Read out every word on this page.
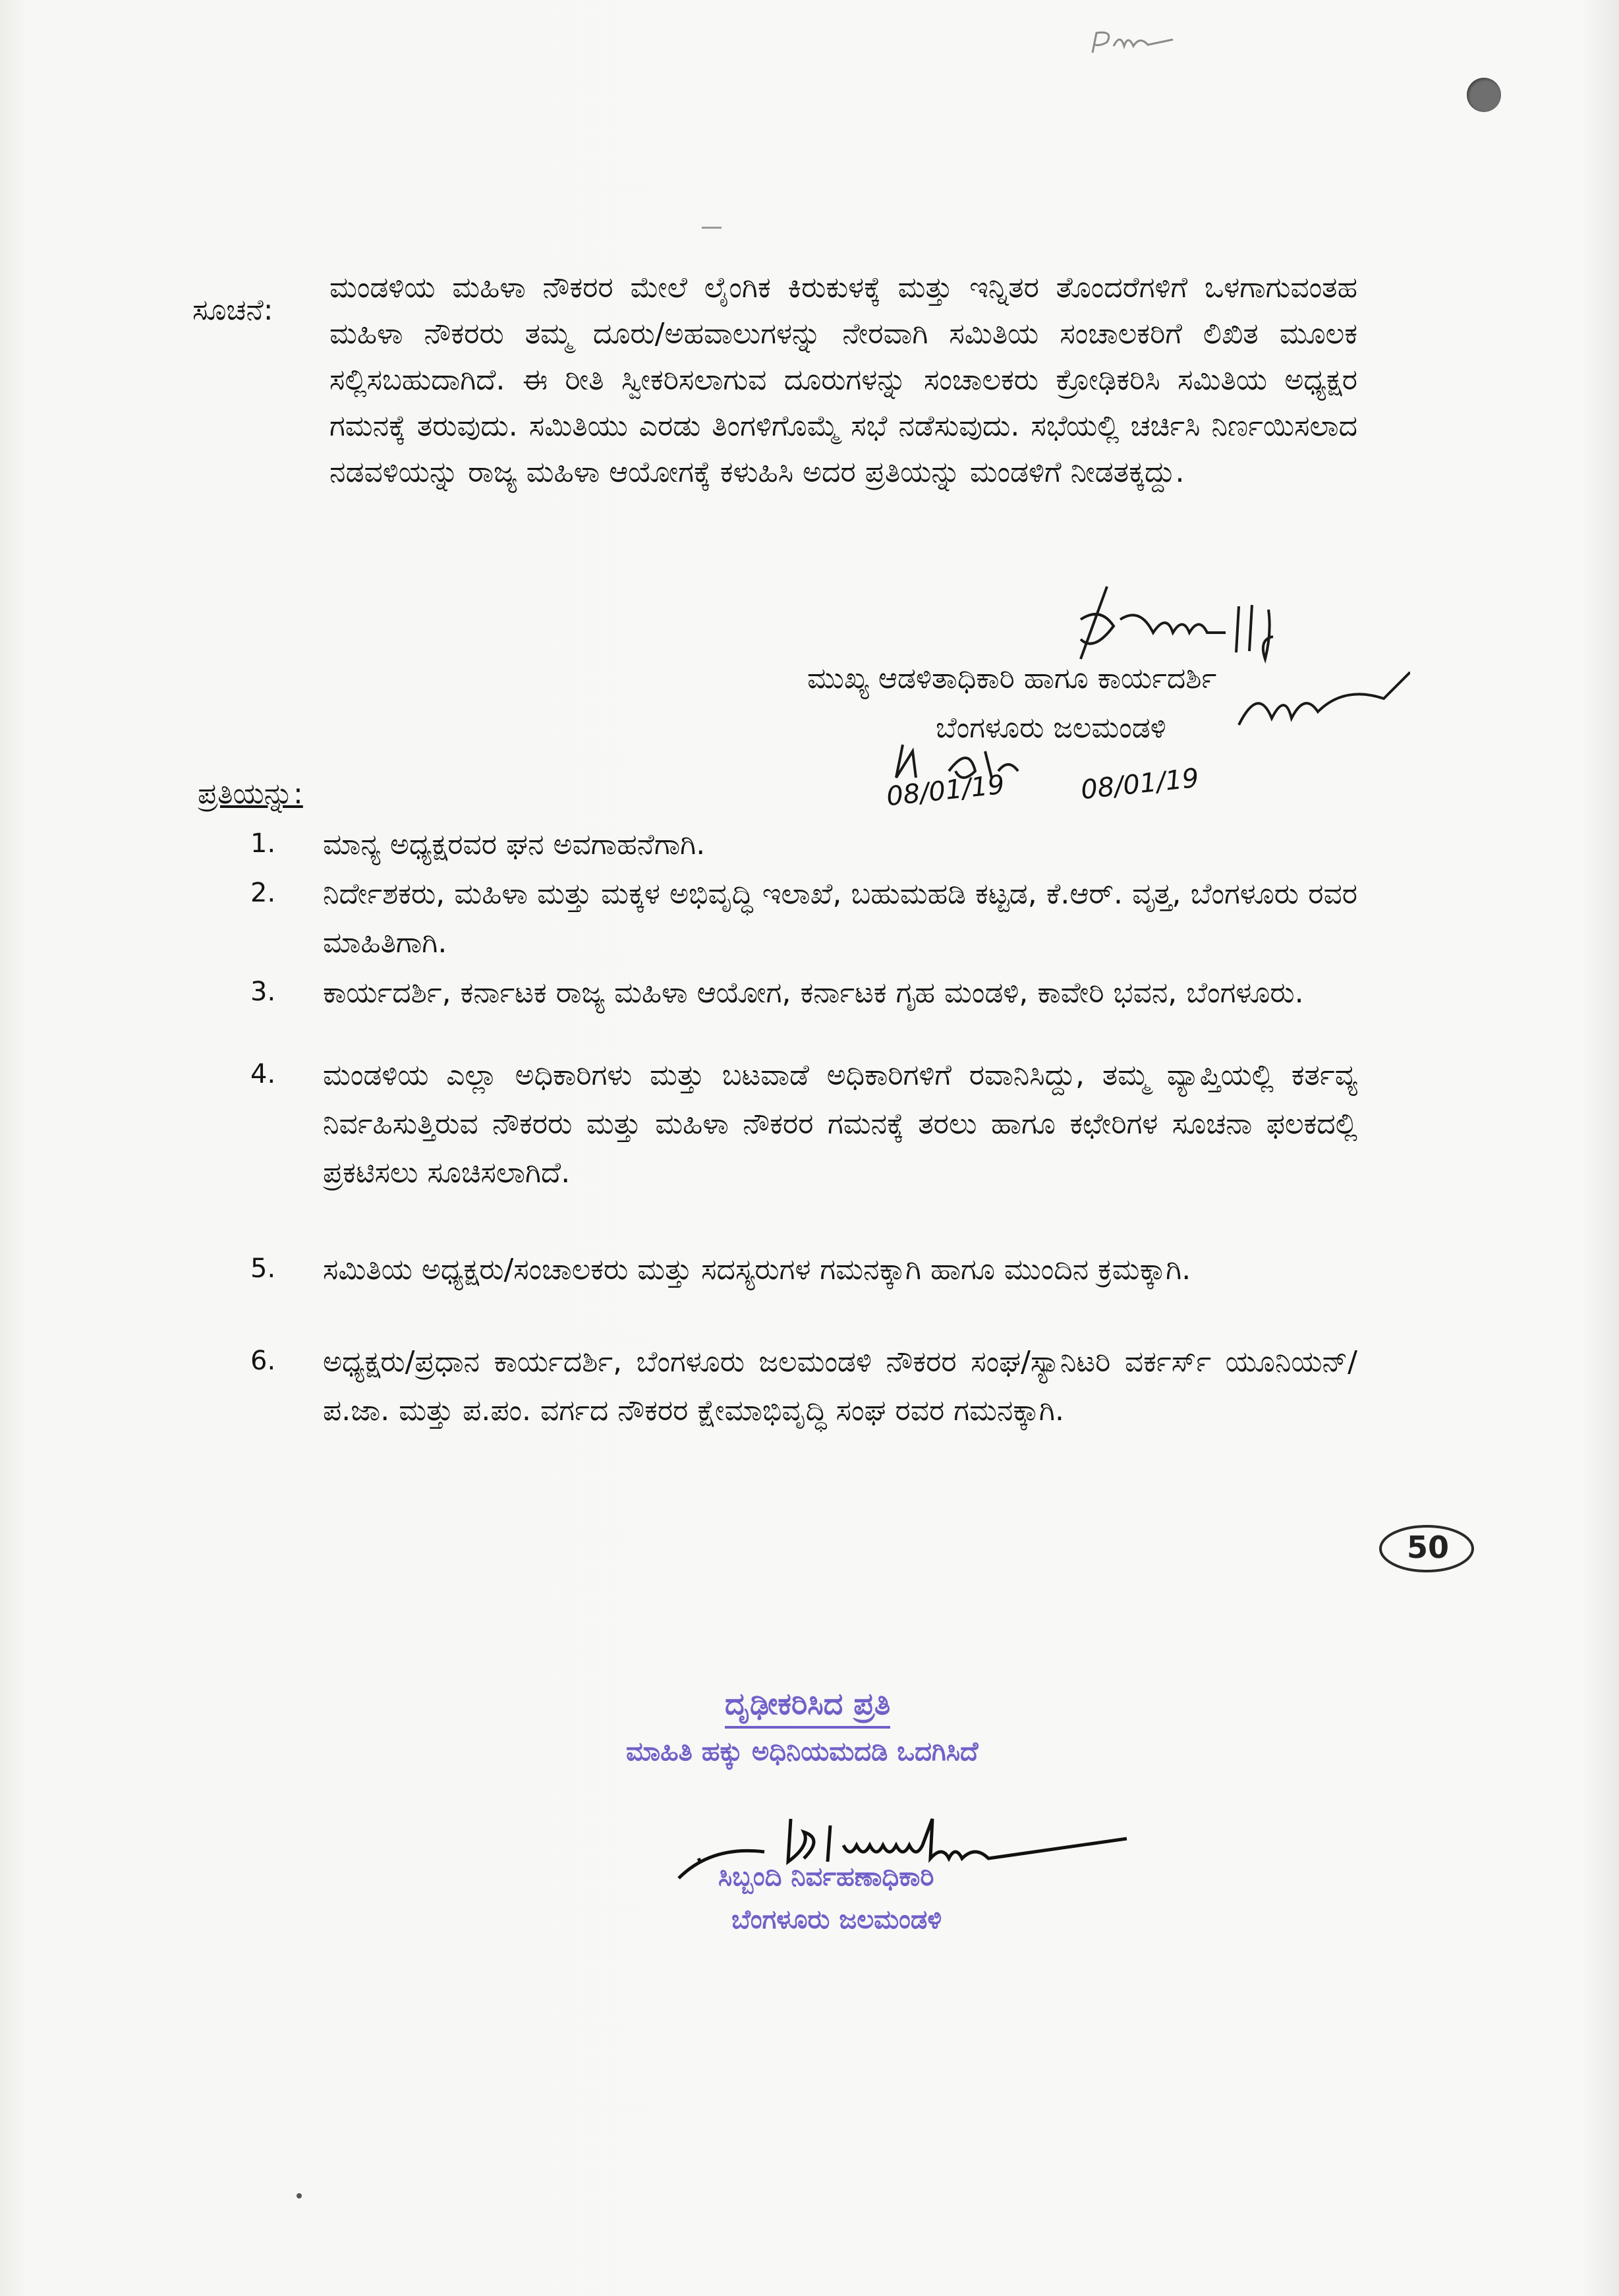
ಸೂಚನೆ:
ಮಂಡಳಿಯ ಮಹಿಳಾ ನೌಕರರ ಮೇಲೆ ಲೈಂಗಿಕ ಕಿರುಕುಳಕ್ಕೆ ಮತ್ತು ಇನ್ನಿತರ ತೊಂದರೆಗಳಿಗೆ ಒಳಗಾಗುವಂತಹ ಮಹಿಳಾ ನೌಕರರು ತಮ್ಮ ದೂರು/ಅಹವಾಲುಗಳನ್ನು ನೇರವಾಗಿ ಸಮಿತಿಯ ಸಂಚಾಲಕರಿಗೆ ಲಿಖಿತ ಮೂಲಕ ಸಲ್ಲಿಸಬಹುದಾಗಿದೆ. ಈ ರೀತಿ ಸ್ವೀಕರಿಸಲಾಗುವ ದೂರುಗಳನ್ನು ಸಂಚಾಲಕರು ಕ್ರೋಢಿಕರಿಸಿ ಸಮಿತಿಯ ಅಧ್ಯಕ್ಷರ ಗಮನಕ್ಕೆ ತರುವುದು. ಸಮಿತಿಯು ಎರಡು ತಿಂಗಳಿಗೊಮ್ಮೆ ಸಭೆ ನಡೆಸುವುದು. ಸಭೆಯಲ್ಲಿ ಚರ್ಚಿಸಿ ನಿರ್ಣಯಿಸಲಾದ ನಡವಳಿಯನ್ನು ರಾಜ್ಯ ಮಹಿಳಾ ಆಯೋಗಕ್ಕೆ ಕಳುಹಿಸಿ ಅದರ ಪ್ರತಿಯನ್ನು ಮಂಡಳಿಗೆ ನೀಡತಕ್ಕದ್ದು.
ಮುಖ್ಯ ಆಡಳಿತಾಧಿಕಾರಿ ಹಾಗೂ ಕಾರ್ಯದರ್ಶಿ
ಬೆಂಗಳೂರು ಜಲಮಂಡಳಿ
08/01/19	08/01/19
ಪ್ರತಿಯನ್ನು:
1.	ಮಾನ್ಯ ಅಧ್ಯಕ್ಷರವರ ಘನ ಅವಗಾಹನೆಗಾಗಿ.
2.	ನಿರ್ದೇಶಕರು, ಮಹಿಳಾ ಮತ್ತು ಮಕ್ಕಳ ಅಭಿವೃದ್ಧಿ ಇಲಾಖೆ, ಬಹುಮಹಡಿ ಕಟ್ಟಡ, ಕೆ.ಆರ್. ವೃತ್ತ, ಬೆಂಗಳೂರು ರವರ ಮಾಹಿತಿಗಾಗಿ.
3.	ಕಾರ್ಯದರ್ಶಿ, ಕರ್ನಾಟಕ ರಾಜ್ಯ ಮಹಿಳಾ ಆಯೋಗ, ಕರ್ನಾಟಕ ಗೃಹ ಮಂಡಳಿ, ಕಾವೇರಿ ಭವನ, ಬೆಂಗಳೂರು.
4.	ಮಂಡಳಿಯ ಎಲ್ಲಾ ಅಧಿಕಾರಿಗಳು ಮತ್ತು ಬಟವಾಡೆ ಅಧಿಕಾರಿಗಳಿಗೆ ರವಾನಿಸಿದ್ದು, ತಮ್ಮ ವ್ಯಾಪ್ತಿಯಲ್ಲಿ ಕರ್ತವ್ಯ ನಿರ್ವಹಿಸುತ್ತಿರುವ ನೌಕರರು ಮತ್ತು ಮಹಿಳಾ ನೌಕರರ ಗಮನಕ್ಕೆ ತರಲು ಹಾಗೂ ಕಛೇರಿಗಳ ಸೂಚನಾ ಫಲಕದಲ್ಲಿ ಪ್ರಕಟಿಸಲು ಸೂಚಿಸಲಾಗಿದೆ.
5.	ಸಮಿತಿಯ ಅಧ್ಯಕ್ಷರು/ಸಂಚಾಲಕರು ಮತ್ತು ಸದಸ್ಯರುಗಳ ಗಮನಕ್ಕಾಗಿ ಹಾಗೂ ಮುಂದಿನ ಕ್ರಮಕ್ಕಾಗಿ.
6.	ಅಧ್ಯಕ್ಷರು/ಪ್ರಧಾನ ಕಾರ್ಯದರ್ಶಿ, ಬೆಂಗಳೂರು ಜಲಮಂಡಳಿ ನೌಕರರ ಸಂಘ/ಸ್ಯಾನಿಟರಿ ವರ್ಕರ್ಸ್ ಯೂನಿಯನ್/ಪ.ಜಾ. ಮತ್ತು ಪ.ಪಂ. ವರ್ಗದ ನೌಕರರ ಕ್ಷೇಮಾಭಿವೃದ್ಧಿ ಸಂಘ ರವರ ಗಮನಕ್ಕಾಗಿ.
50
ದೃಢೀಕರಿಸಿದ ಪ್ರತಿ
ಮಾಹಿತಿ ಹಕ್ಕು ಅಧಿನಿಯಮದಡಿ ಒದಗಿಸಿದೆ
ಸಿಬ್ಬಂದಿ ನಿರ್ವಹಣಾಧಿಕಾರಿ
ಬೆಂಗಳೂರು ಜಲಮಂಡಳಿ
